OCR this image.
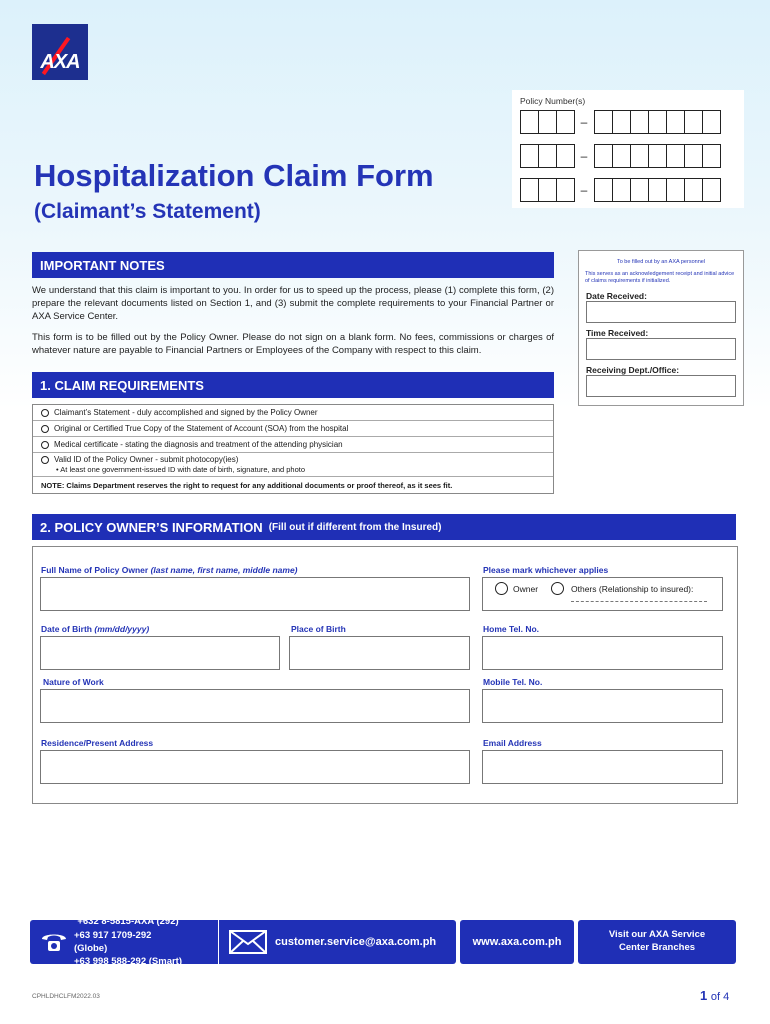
AXA
Policy Number(s)
–
–
–
Hospitalization Claim Form
(Claimant’s Statement)
IMPORTANT NOTES
We understand that this claim is important to you. In order for us to speed up the process, please (1) complete this form, (2) prepare the relevant documents listed on Section 1, and (3) submit the complete requirements to your Financial Partner or AXA Service Center.
This form is to be filled out by the Policy Owner. Please do not sign on a blank form. No fees, commissions or charges of whatever nature are payable to Financial Partners or Employees of the Company with respect to this claim.
To be filled out by an AXA personnel
This serves as an acknowledgement receipt and initial advice of claims requirements if initialized.
Date Received:
Time Received:
Receiving Dept./Office:
1. CLAIM REQUIREMENTS
Claimant’s Statement - duly accomplished and signed by the Policy Owner
Original or Certified True Copy of the Statement of Account (SOA) from the hospital
Medical certificate - stating the diagnosis and treatment of the attending physician
Valid ID of the Policy Owner - submit photocopy(ies)
• At least one government-issued ID with date of birth, signature, and photo
NOTE: Claims Department reserves the right to request for any additional documents or proof thereof, as it sees fit.
2. POLICY OWNER’S INFORMATION (Fill out if different from the Insured)
Full Name of Policy Owner (last name, first name, middle name)	Please mark whichever applies
Owner	Others (Relationship to insured):
Date of Birth (mm/dd/yyyy)	Place of Birth	Home Tel. No.
Nature of Work	Mobile Tel. No.
Residence/Present Address	Email Address
+632 8-5815-AXA (292)
+63 917 1709-292 (Globe)
+63 998 588-292 (Smart)
customer.service@axa.com.ph	www.axa.com.ph
Visit our AXA Service Center Branches
CPHLDHCLFM2022.03	1 of 4
